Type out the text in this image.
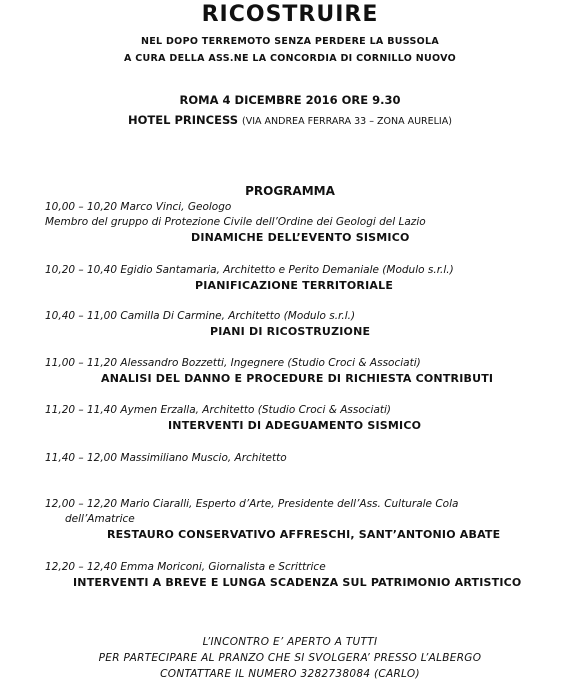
RICOSTRUIRE
NEL DOPO TERREMOTO SENZA PERDERE LA BUSSOLA
A CURA DELLA ASS.NE LA CONCORDIA DI CORNILLO NUOVO
ROMA 4 DICEMBRE 2016 ORE 9.30
HOTEL PRINCESS (VIA ANDREA FERRARA 33 – ZONA AURELIA)
PROGRAMMA
10,00 – 10,20 Marco Vinci, Geologo
Membro del gruppo di Protezione Civile dell’Ordine dei Geologi del Lazio
DINAMICHE DELL’EVENTO SISMICO
10,20 – 10,40 Egidio Santamaria, Architetto e Perito Demaniale (Modulo s.r.l.)
PIANIFICAZIONE TERRITORIALE
10,40 – 11,00 Camilla Di Carmine, Architetto (Modulo s.r.l.)
PIANI DI RICOSTRUZIONE
11,00 – 11,20 Alessandro Bozzetti, Ingegnere (Studio Croci & Associati)
ANALISI DEL DANNO E PROCEDURE DI RICHIESTA CONTRIBUTI
11,20 – 11,40 Aymen Erzalla, Architetto (Studio Croci & Associati)
INTERVENTI DI ADEGUAMENTO SISMICO
11,40 – 12,00 Massimiliano Muscio, Architetto
12,00 – 12,20 Mario Ciaralli, Esperto d’Arte, Presidente dell’Ass. Culturale Cola
dell’Amatrice
RESTAURO CONSERVATIVO AFFRESCHI, SANT’ANTONIO ABATE
12,20 – 12,40 Emma Moriconi, Giornalista e Scrittrice
INTERVENTI A BREVE E LUNGA SCADENZA SUL PATRIMONIO ARTISTICO
L’INCONTRO E’ APERTO A TUTTI
PER PARTECIPARE AL PRANZO CHE SI SVOLGERA’ PRESSO L’ALBERGO
CONTATTARE IL NUMERO 3282738084 (CARLO)
